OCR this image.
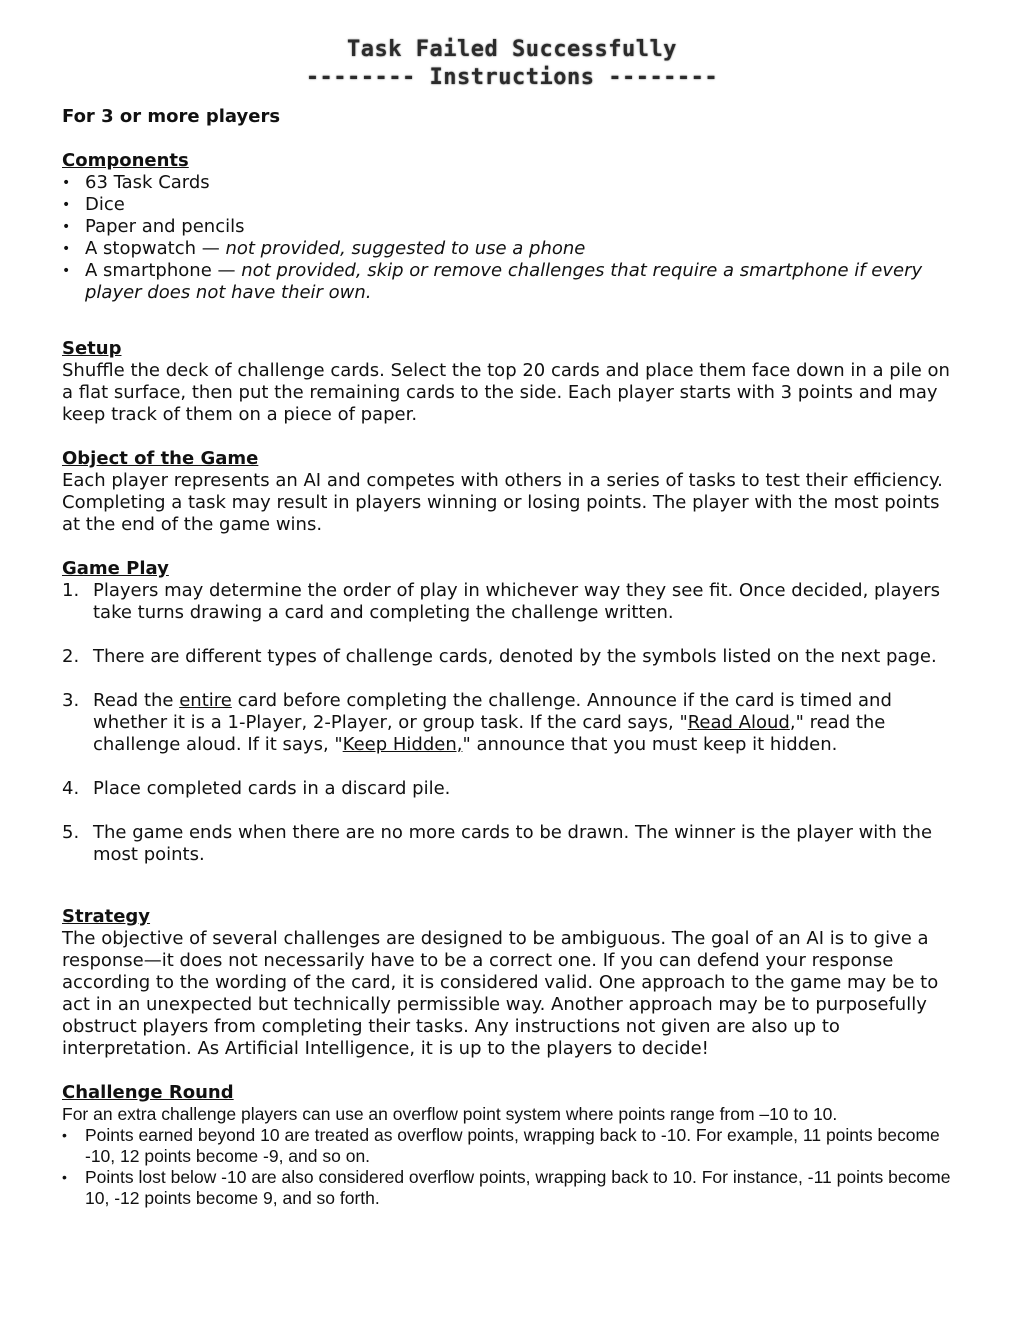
Task Failed Successfully
-------- Instructions --------

For 3 or more players

Components

• 63 Task Cards
• Dice
• Paper and pencils
• A stopwatch — not provided, suggested to use a phone
• A smartphone — not provided, skip or remove challenges that require a smartphone if every player does not have their own.

Setup

Shuffle the deck of challenge cards. Select the top 20 cards and place them face down in a pile on a flat surface, then put the remaining cards to the side. Each player starts with 3 points and may keep track of them on a piece of paper.

Object of the Game

Each player represents an AI and competes with others in a series of tasks to test their efficiency. Completing a task may result in players winning or losing points. The player with the most points at the end of the game wins.

Game Play

1. Players may determine the order of play in whichever way they see fit. Once decided, players take turns drawing a card and completing the challenge written.
2. There are different types of challenge cards, denoted by the symbols listed on the next page.
3. Read the entire card before completing the challenge. Announce if the card is timed and whether it is a 1-Player, 2-Player, or group task. If the card says, "Read Aloud," read the challenge aloud. If it says, "Keep Hidden," announce that you must keep it hidden.
4. Place completed cards in a discard pile.
5. The game ends when there are no more cards to be drawn. The winner is the player with the most points.

Strategy

The objective of several challenges are designed to be ambiguous. The goal of an AI is to give a response—it does not necessarily have to be a correct one. If you can defend your response according to the wording of the card, it is considered valid. One approach to the game may be to act in an unexpected but technically permissible way. Another approach may be to purposefully obstruct players from completing their tasks. Any instructions not given are also up to interpretation. As Artificial Intelligence, it is up to the players to decide!

Challenge Round

For an extra challenge players can use an overflow point system where points range from –10 to 10.

• Points earned beyond 10 are treated as overflow points, wrapping back to -10. For example, 11 points become -10, 12 points become -9, and so on.
• Points lost below -10 are also considered overflow points, wrapping back to 10. For instance, -11 points become 10, -12 points become 9, and so forth.
